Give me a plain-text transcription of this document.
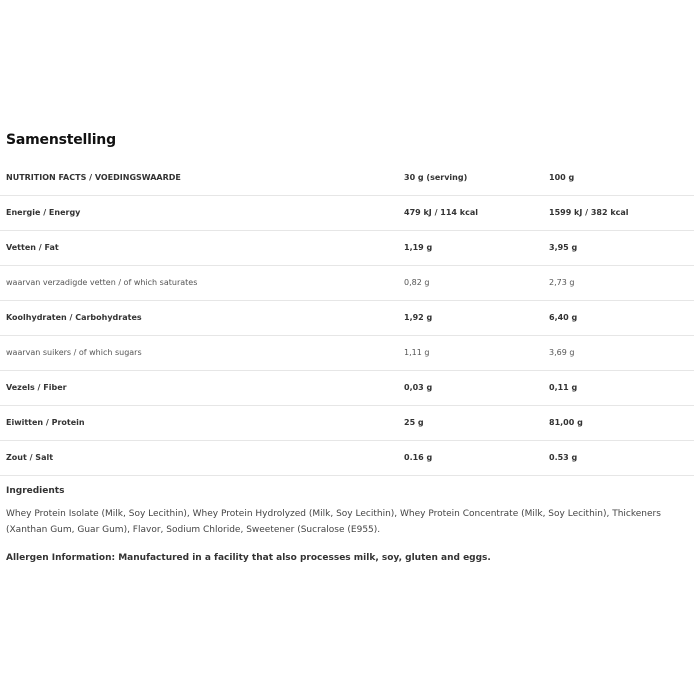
Samenstelling
NUTRITION FACTS / VOEDINGSWAARDE	30 g (serving)	100 g
Energie / Energy	479 kJ / 114 kcal	1599 kJ / 382 kcal
Vetten / Fat	1,19 g	3,95 g
waarvan verzadigde vetten / of which saturates	0,82 g	2,73 g
Koolhydraten / Carbohydrates	1,92 g	6,40 g
waarvan suikers / of which sugars	1,11 g	3,69 g
Vezels / Fiber	0,03 g	0,11 g
Eiwitten / Protein	25 g	81,00 g
Zout / Salt	0.16 g	0.53 g
Ingredients

Whey Protein Isolate (Milk, Soy Lecithin), Whey Protein Hydrolyzed (Milk, Soy Lecithin), Whey Protein Concentrate (Milk, Soy Lecithin), Thickeners (Xanthan Gum, Guar Gum), Flavor, Sodium Chloride, Sweetener (Sucralose (E955).

Allergen Information: Manufactured in a facility that also processes milk, soy, gluten and eggs.
